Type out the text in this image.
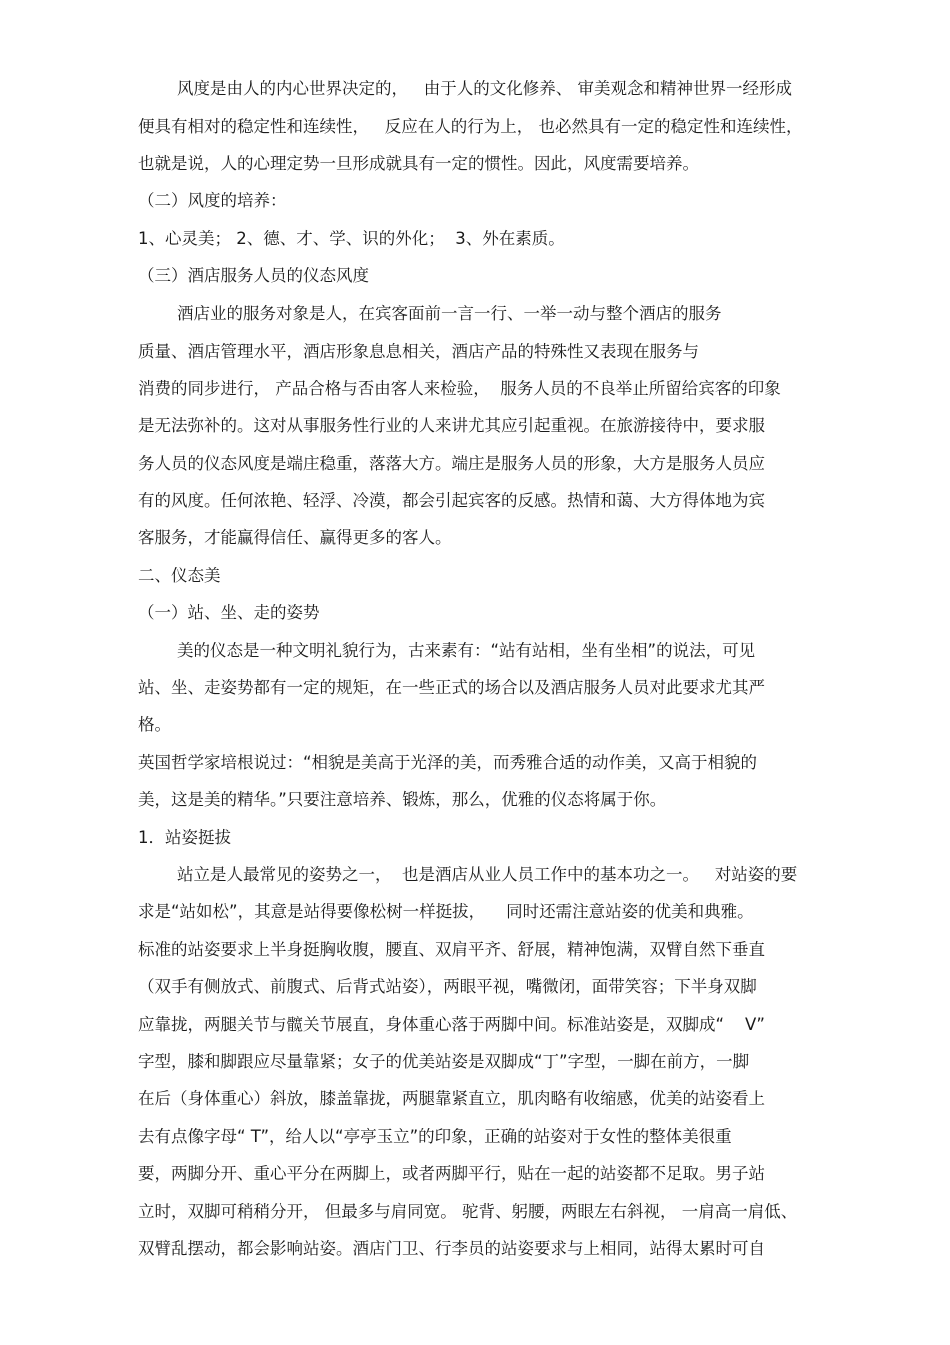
风度是由人的内心世界决定的，   由于人的文化修养、 审美观念和精神世界一经形成
便具有相对的稳定性和连续性，   反应在人的行为上， 也必然具有一定的稳定性和连续性，
也就是说，人的心理定势一旦形成就具有一定的惯性。因此，风度需要培养。
（二）风度的培养：
1、心灵美； 2、德、才、学、识的外化；  3、外在素质。
（三）酒店服务人员的仪态风度
酒店业的服务对象是人，在宾客面前一言一行、一举一动与整个酒店的服务
质量、酒店管理水平，酒店形象息息相关，酒店产品的特殊性又表现在服务与
消费的同步进行， 产品合格与否由客人来检验，  服务人员的不良举止所留给宾客的印象
是无法弥补的。这对从事服务性行业的人来讲尤其应引起重视。在旅游接待中，要求服
务人员的仪态风度是端庄稳重，落落大方。端庄是服务人员的形象，大方是服务人员应
有的风度。任何浓艳、轻浮、冷漠，都会引起宾客的反感。热情和蔼、大方得体地为宾
客服务，才能赢得信任、赢得更多的客人。
二、仪态美
（一）站、坐、走的姿势
美的仪态是一种文明礼貌行为，古来素有：“站有站相，坐有坐相”的说法，可见
站、坐、走姿势都有一定的规矩，在一些正式的场合以及酒店服务人员对此要求尤其严
格。
英国哲学家培根说过：“相貌是美高于光泽的美，而秀雅合适的动作美，又高于相貌的
美，这是美的精华。”只要注意培养、锻炼，那么，优雅的仪态将属于你。
1．站姿挺拔
站立是人最常见的姿势之一，  也是酒店从业人员工作中的基本功之一。   对站姿的要
求是“站如松”，其意是站得要像松树一样挺拔，    同时还需注意站姿的优美和典雅。
标准的站姿要求上半身挺胸收腹，腰直、双肩平齐、舒展，精神饱满，双臂自然下垂直
（双手有侧放式、前腹式、后背式站姿），两眼平视，嘴微闭，面带笑容；下半身双脚
应靠拢，两腿关节与髋关节展直，身体重心落于两脚中间。标准站姿是，双脚成“    V”
字型，膝和脚跟应尽量靠紧；女子的优美站姿是双脚成“丁”字型，一脚在前方，一脚
在后（身体重心）斜放，膝盖靠拢，两腿靠紧直立，肌肉略有收缩感，优美的站姿看上
去有点像字母“ T”，给人以“亭亭玉立”的印象，正确的站姿对于女性的整体美很重
要，两脚分开、重心平分在两脚上，或者两脚平行，贴在一起的站姿都不足取。男子站
立时，双脚可稍稍分开， 但最多与肩同宽。 驼背、躬腰，两眼左右斜视， 一肩高一肩低、
双臂乱摆动，都会影响站姿。酒店门卫、行李员的站姿要求与上相同，站得太累时可自
